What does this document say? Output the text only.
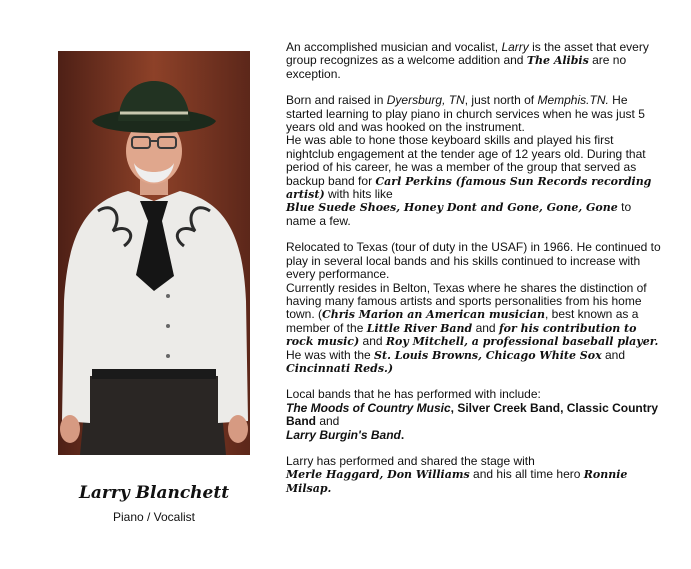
Larry Blanchett
Piano / Vocalist

An accomplished musician and vocalist, Larry is the asset that every group recognizes as a welcome addition and The Alibis are no exception.

Born and raised in Dyersburg, TN, just north of Memphis.TN. He started learning to play piano in church services when he was just 5 years old and was hooked on the instrument.

He was able to hone those keyboard skills and played his first nightclub engagement at the tender age of 12 years old. During that period of his career, he was a member of the group that served as backup band for Carl Perkins (famous Sun Records recording artist) with hits like
Blue Suede Shoes, Honey Dont and Gone, Gone, Gone to name a few.

Relocated to Texas (tour of duty in the USAF) in 1966. He continued to play in several local bands and his skills continued to increase with every performance.

Currently resides in Belton, Texas where he shares the distinction of having many famous artists and sports personalities from his home town. (Chris Marion an American musician, best known as a member of the Little River Band and for his contribution to rock music) and Roy Mitchell, a professional baseball player. He was with the St. Louis Browns, Chicago White Sox and Cincinnati Reds.)

Local bands that he has performed with include:
The Moods of Country Music, Silver Creek Band, Classic Country Band and
Larry Burgin's Band.

Larry has performed and shared the stage with
Merle Haggard, Don Williams and his all time hero Ronnie Milsap.
